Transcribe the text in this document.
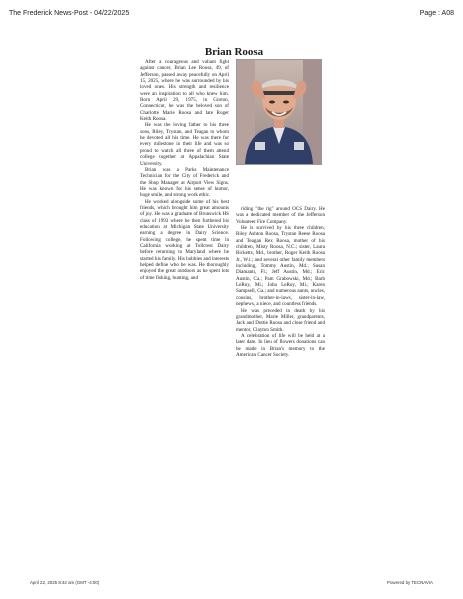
The Frederick News-Post - 04/22/2025	Page : A08
Brian Roosa

After a courageous and valiant fight against cancer, Brian Lee Roosa, 49, of Jefferson, passed away peacefully on April 15, 2025, where he was surrounded by his loved ones. His strength and resilience were an inspiration to all who knew him. Born April 29, 1975, in Groton, Connecticut, he was the beloved son of Charlotte Marie Roosa and late Roger Keith Roosa.

He was the loving father to his three sons, Riley, Trystan, and Teagan to whom he devoted all his time. He was there for every milestone in their life and was so proud to watch all three of them attend college together at Appalachian State University.

Brian was a Parks Maintenance Technician for the City of Frederick and the Shop Manager at Airport View Signs. He was known for his sense of humor, huge smile, and strong work ethic.

He worked alongside some of his best friends, which brought him great amounts of joy. He was a graduate of Brunswick HS class of 1993 where he then furthered his education at Michigan State University earning a degree in Dairy Science. Following college, he spent time in California working at Tollcrest Dairy before returning to Maryland where he started his family. His hobbies and interests helped define who he was. He thoroughly enjoyed the great outdoors as he spent lots of time fishing, hunting, and

riding "the rig" around OCS Dairy. He was a dedicated member of the Jefferson Volunteer Fire Company.

He is survived by his three children, Riley Ashton Roosa, Trystan Reese Roosa and Teagan Rex Roosa, mother of his children, Misty Roosa, N.C.; sister, Laura Ricketts, Md., brother, Roger Keith Roosa Jr., W.i.; and several other family members including, Tommy Austin, Md.; Susan Diamanti, Fl.; Jeff Austin, Md.; Eric Austin, Ca.; Pam Grabowski, Md.; Barb LeRoy, Mi.; John LeRoy, Mi.; Karen Sampsell, Ga.; and numerous aunts, uncles, cousins, brother-in-laws, sister-in-law, nephews, a niece, and countless friends.

He was preceded in death by his grandmother, Marie Miller, grandparents, Jack and Dottie Roosa and close friend and mentor, Clayton Smith.

A celebration of life will be held at a later date. In lieu of flowers donations can be made in Brian's memory to the American Cancer Society.

April 22, 2025 8:42 am (GMT -4:00)	Powered by TECNAVIA
